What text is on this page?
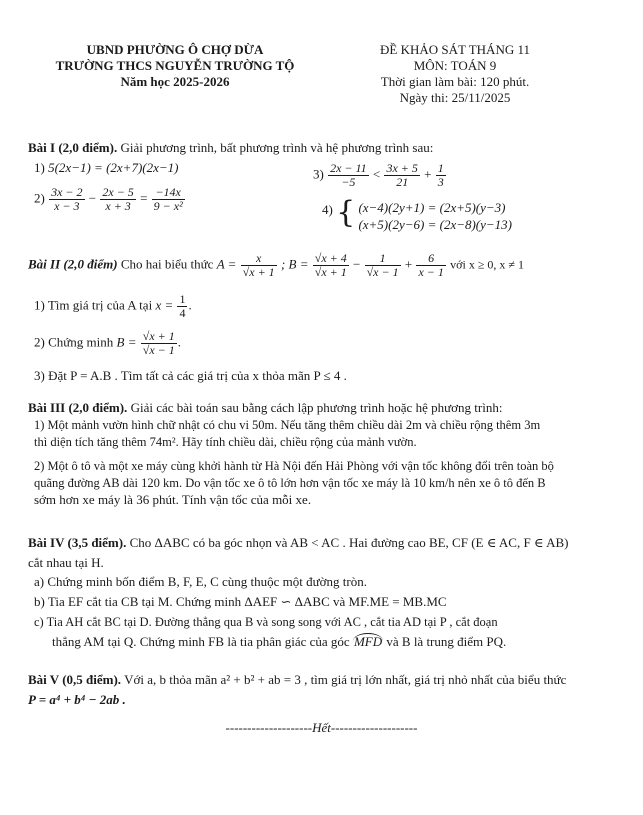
UBND PHƯỜNG Ô CHỢ DỪA
TRƯỜNG THCS NGUYỄN TRƯỜNG TỘ
Năm học 2025-2026
ĐỀ KHẢO SÁT THÁNG 11
MÔN: TOÁN 9
Thời gian làm bài: 120 phút.
Ngày thi: 25/11/2025
Bài I (2,0 điểm). Giải phương trình, bất phương trình và hệ phương trình sau:
1) 5(2x−1) = (2x+7)(2x−1)
$2) \frac{3x - 2}{x - 3} - \frac{2x - 5}{x + 3} = \frac{-14x}{\text{9 − x²}}$
$3) \frac{2x - 11}{-5} < \frac{3x + 5}{21} + \frac{1}{3}$
4) { (x−4)(2y+1) = (2x+5)(y−3)
(x+5)(2y−6) = (2x−8)(y−13)
Bài II (2,0 điểm) Cho hai biểu thức $A = \frac{x}{√x + 1}$ ; $B = \frac{√x + 4}{√x + 1} - \frac{1}{√x - 1} + \frac{6}{x - 1}$ với x ≥ 0, x ≠ 1
1) Tìm giá trị của A tại $x = \frac{1}{4}$ .
2) Chứng minh $B = \frac{√x + 1}{√x - 1}$ .
3) Đặt P = A.B . Tìm tất cả các giá trị của x thỏa mãn P ≤ 4 .
Bài III (2,0 điểm). Giải các bài toán sau bằng cách lập phương trình hoặc hệ phương trình:
1) Một mảnh vườn hình chữ nhật có chu vi 50m. Nếu tăng thêm chiều dài 2m và chiều rộng thêm 3m
thì diện tích tăng thêm 74m². Hãy tính chiều dài, chiều rộng của mảnh vườn.
2) Một ô tô và một xe máy cùng khởi hành từ Hà Nội đến Hải Phòng với vận tốc không đổi trên toàn bộ
quãng đường AB dài 120 km. Do vận tốc xe ô tô lớn hơn vận tốc xe máy là 10 km/h nên xe ô tô đến B
sớm hơn xe máy là 36 phút. Tính vận tốc của mỗi xe.
Bài IV (3,5 điểm). Cho ΔABC có ba góc nhọn và AB < AC . Hai đường cao BE, CF (E ∈ AC, F ∈ AB)
cắt nhau tại H.
a) Chứng minh bốn điểm B, F, E, C cùng thuộc một đường tròn.
b) Tia EF cắt tia CB tại M. Chứng minh ΔAEF ∽ ΔABC và MF.ME = MB.MC
c) Tia AH cắt BC tại D. Đường thẳng qua B và song song với AC , cắt tia AD tại P , cắt đoạn
thẳng AM tại Q. Chứng minh FB là tia phân giác của góc MFD và B là trung điểm PQ.
Bài V (0,5 điểm). Với a, b thỏa mãn a² + b² + ab = 3 , tìm giá trị lớn nhất, giá trị nhỏ nhất của biểu thức
P = a⁴ + b⁴ − 2ab .
--------------------Hết--------------------
